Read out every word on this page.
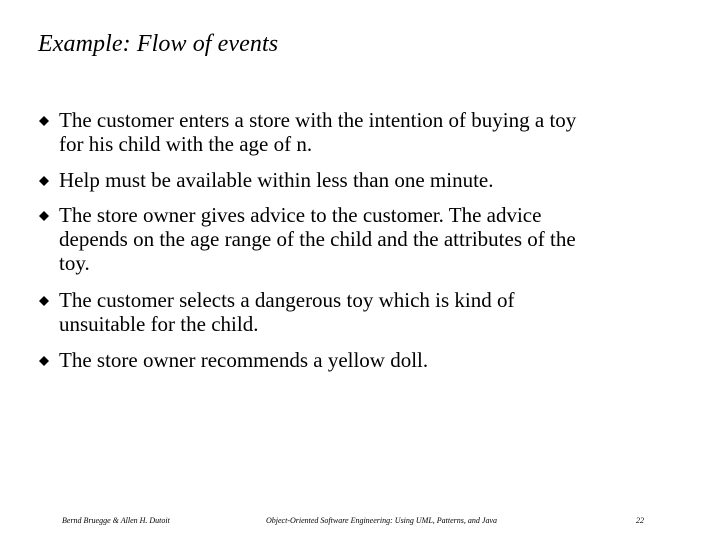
Example: Flow of events
The customer enters a store with the intention of buying a toy
for his child with the age of n.
Help must be available within less than one minute.
The store owner gives advice to the customer. The advice
depends on the age range of the child and the attributes of the
toy.
The customer selects a dangerous toy which is kind of
unsuitable for the child.
The store owner recommends a yellow doll.
Bernd Bruegge & Allen H. Dutoit	Object-Oriented Software Engineering: Using UML, Patterns, and Java	22
